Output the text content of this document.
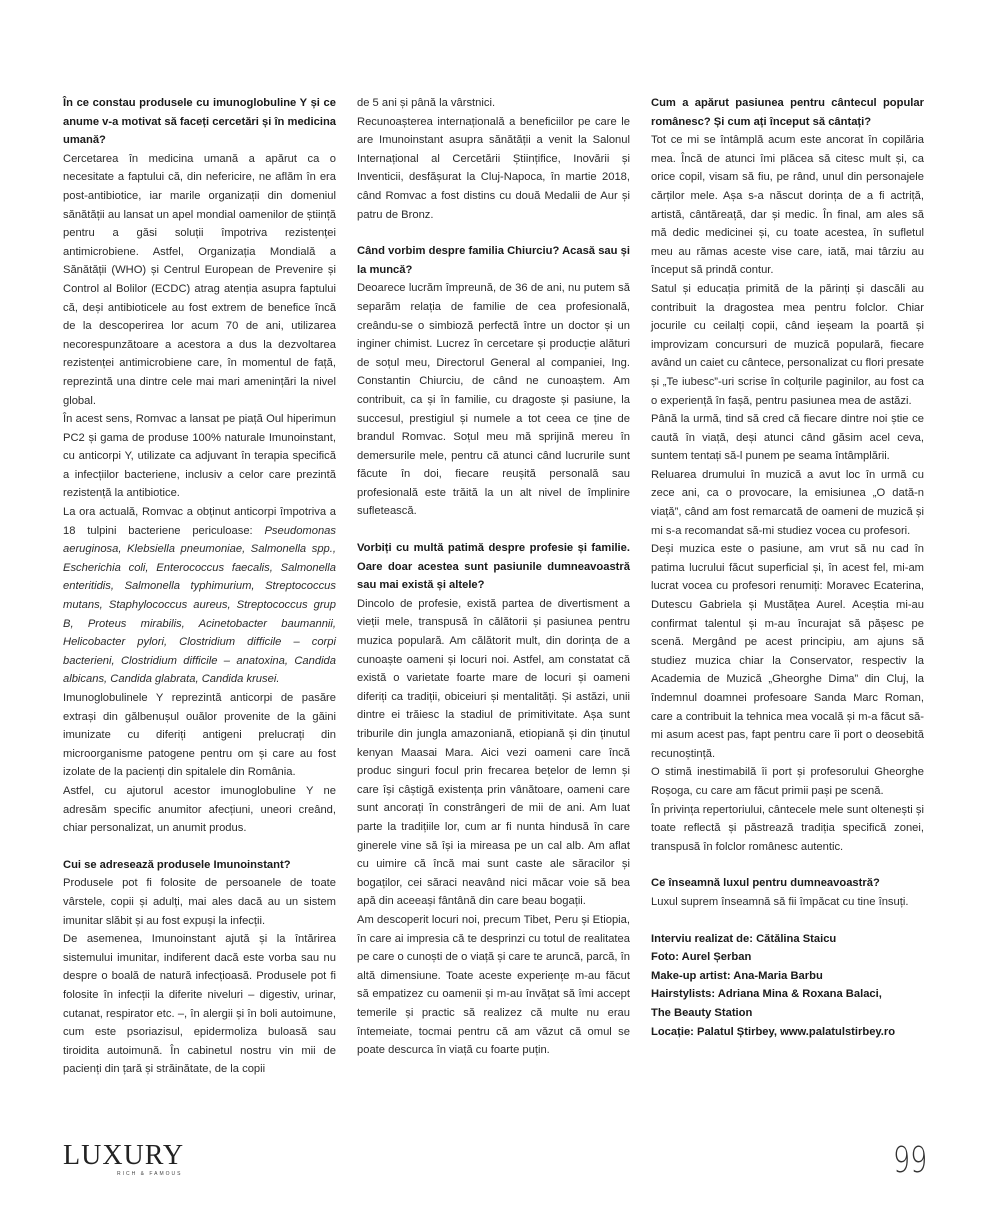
În ce constau produsele cu imunoglobuline Y și ce anume v-a motivat să faceți cercetări și în medicina umană?

Cercetarea în medicina umană a apărut ca o necesitate a faptului că, din nefericire, ne aflăm în era post-antibiotice, iar marile organizații din domeniul sănătății au lansat un apel mondial oamenilor de știință pentru a găsi soluții împotriva rezistenței antimicrobiene. Astfel, Organizația Mondială a Sănătății (WHO) și Centrul European de Prevenire și Control al Bolilor (ECDC) atrag atenția asupra faptului că, deși antibioticele au fost extrem de benefice încă de la descoperirea lor acum 70 de ani, utilizarea necorespunzătoare a acestora a dus la dezvoltarea rezistenței antimicrobiene care, în momentul de față, reprezintă una dintre cele mai mari amenințări la nivel global.

În acest sens, Romvac a lansat pe piață Oul hiperimun PC2 și gama de produse 100% naturale Imunoinstant, cu anticorpi Y, utilizate ca adjuvant în terapia specifică a infecțiilor bacteriene, inclusiv a celor care prezintă rezistență la antibiotice.

La ora actuală, Romvac a obținut anticorpi împotriva a 18 tulpini bacteriene periculoase: Pseudomonas aeruginosa, Klebsiella pneumoniae, Salmonella spp., Escherichia coli, Enterococcus faecalis, Salmonella enteritidis, Salmonella typhimurium, Streptococcus mutans, Staphylococcus aureus, Streptococcus grup B, Proteus mirabilis, Acinetobacter baumannii, Helicobacter pylori, Clostridium difficile – corpi bacterieni, Clostridium difficile – anatoxina, Candida albicans, Candida glabrata, Candida krusei.

Imunoglobulinele Y reprezintă anticorpi de pasăre extrași din gălbenușul ouălor provenite de la găini imunizate cu diferiți antigeni prelucrați din microorganisme patogene pentru om și care au fost izolate de la pacienți din spitalele din România.

Astfel, cu ajutorul acestor imunoglobuline Y ne adresăm specific anumitor afecțiuni, uneori creând, chiar personalizat, un anumit produs.

Cui se adresează produsele Imunoinstant?

Produsele pot fi folosite de persoanele de toate vârstele, copii și adulți, mai ales dacă au un sistem imunitar slăbit și au fost expuși la infecții.

De asemenea, Imunoinstant ajută și la întărirea sistemului imunitar, indiferent dacă este vorba sau nu despre o boală de natură infecțioasă. Produsele pot fi folosite în infecții la diferite niveluri – digestiv, urinar, cutanat, respirator etc. –, în alergii și în boli autoimune, cum este psoriazisul, epidermoliza buloasă sau tiroidita autoimună. În cabinetul nostru vin mii de pacienți din țară și străinătate, de la copii

de 5 ani și până la vârstnici.

Recunoașterea internațională a beneficiilor pe care le are Imunoinstant asupra sănătății a venit la Salonul Internațional al Cercetării Științifice, Inovării și Inventicii, desfășurat la Cluj-Napoca, în martie 2018, când Romvac a fost distins cu două Medalii de Aur și patru de Bronz.

Când vorbim despre familia Chiurciu? Acasă sau și la muncă?

Deoarece lucrăm împreună, de 36 de ani, nu putem să separăm relația de familie de cea profesională, creându-se o simbioză perfectă între un doctor și un inginer chimist. Lucrez în cercetare și producție alături de soțul meu, Directorul General al companiei, Ing. Constantin Chiurciu, de când ne cunoaștem. Am contribuit, ca și în familie, cu dragoste și pasiune, la succesul, prestigiul și numele a tot ceea ce ține de brandul Romvac. Soțul meu mă sprijină mereu în demersurile mele, pentru că atunci când lucrurile sunt făcute în doi, fiecare reușită personală sau profesională este trăită la un alt nivel de împlinire sufletească.

Vorbiți cu multă patimă despre profesie și familie. Oare doar acestea sunt pasiunile dumneavoastră sau mai există și altele?

Dincolo de profesie, există partea de divertisment a vieții mele, transpusă în călătorii și pasiunea pentru muzica populară. Am călătorit mult, din dorința de a cunoaște oameni și locuri noi. Astfel, am constatat că există o varietate foarte mare de locuri și oameni diferiți ca tradiții, obiceiuri și mentalități. Și astăzi, unii dintre ei trăiesc la stadiul de primitivitate. Așa sunt triburile din jungla amazoniană, etiopiană și din ținutul kenyan Maasai Mara. Aici vezi oameni care încă produc singuri focul prin frecarea bețelor de lemn și care își câștigă existența prin vânătoare, oameni care sunt ancorați în constrângeri de mii de ani. Am luat parte la tradițiile lor, cum ar fi nunta hindusă în care ginerele vine să își ia mireasa pe un cal alb. Am aflat cu uimire că încă mai sunt caste ale săracilor și bogaților, cei săraci neavând nici măcar voie să bea apă din aceeași fântână din care beau bogații.

Am descoperit locuri noi, precum Tibet, Peru și Etiopia, în care ai impresia că te desprinzi cu totul de realitatea pe care o cunoști de o viață și care te aruncă, parcă, în altă dimensiune. Toate aceste experiențe m-au făcut să empatizez cu oamenii și m-au învățat să îmi accept temerile și practic să realizez că multe nu erau întemeiate, tocmai pentru că am văzut că omul se poate descurca în viață cu foarte puțin.

Cum a apărut pasiunea pentru cântecul popular românesc? Și cum ați început să cântați?

Tot ce mi se întâmplă acum este ancorat în copilăria mea. Încă de atunci îmi plăcea să citesc mult și, ca orice copil, visam să fiu, pe rând, unul din personajele cărților mele. Așa s-a născut dorința de a fi actriță, artistă, cântăreață, dar și medic. În final, am ales să mă dedic medicinei și, cu toate acestea, în sufletul meu au rămas aceste vise care, iată, mai târziu au început să prindă contur.

Satul și educația primită de la părinți și dascăli au contribuit la dragostea mea pentru folclor. Chiar jocurile cu ceilalți copii, când ieșeam la poartă și improvizam concursuri de muzică populară, fiecare având un caiet cu cântece, personalizat cu flori presate și „Te iubesc”-uri scrise în colțurile paginilor, au fost ca o experiență în fașă, pentru pasiunea mea de astăzi.

Până la urmă, tind să cred că fiecare dintre noi știe ce caută în viață, deși atunci când găsim acel ceva, suntem tentați să-l punem pe seama întâmplării.

Reluarea drumului în muzică a avut loc în urmă cu zece ani, ca o provocare, la emisiunea „O dată-n viață”, când am fost remarcată de oameni de muzică și mi s-a recomandat să-mi studiez vocea cu profesori.

Deși muzica este o pasiune, am vrut să nu cad în patima lucrului făcut superficial și, în acest fel, mi-am lucrat vocea cu profesori renumiți: Moravec Ecaterina, Dutescu Gabriela și Mustățea Aurel. Aceștia mi-au confirmat talentul și m-au încurajat să pășesc pe scenă. Mergând pe acest principiu, am ajuns să studiez muzica chiar la Conservator, respectiv la Academia de Muzică „Gheorghe Dima” din Cluj, la îndemnul doamnei profesoare Sanda Marc Roman, care a contribuit la tehnica mea vocală și m-a făcut să-mi asum acest pas, fapt pentru care îi port o deosebită recunoștință.

O stimă inestimabilă îi port și profesorului Gheorghe Roșoga, cu care am făcut primii pași pe scenă.

În privința repertoriului, cântecele mele sunt oltenești și toate reflectă și păstrează tradiția specifică zonei, transpusă în folclor românesc autentic.

Ce înseamnă luxul pentru dumneavoastră?

Luxul suprem înseamnă să fii împăcat cu tine însuți.

Interviu realizat de: Cătălina Staicu

Foto: Aurel Șerban

Make-up artist: Ana-Maria Barbu

Hairstylists: Adriana Mina & Roxana Balaci,

The Beauty Station

Locație: Palatul Știrbey, www.palatulstirbey.ro

LUXURY
RICH & FAMOUS	99
